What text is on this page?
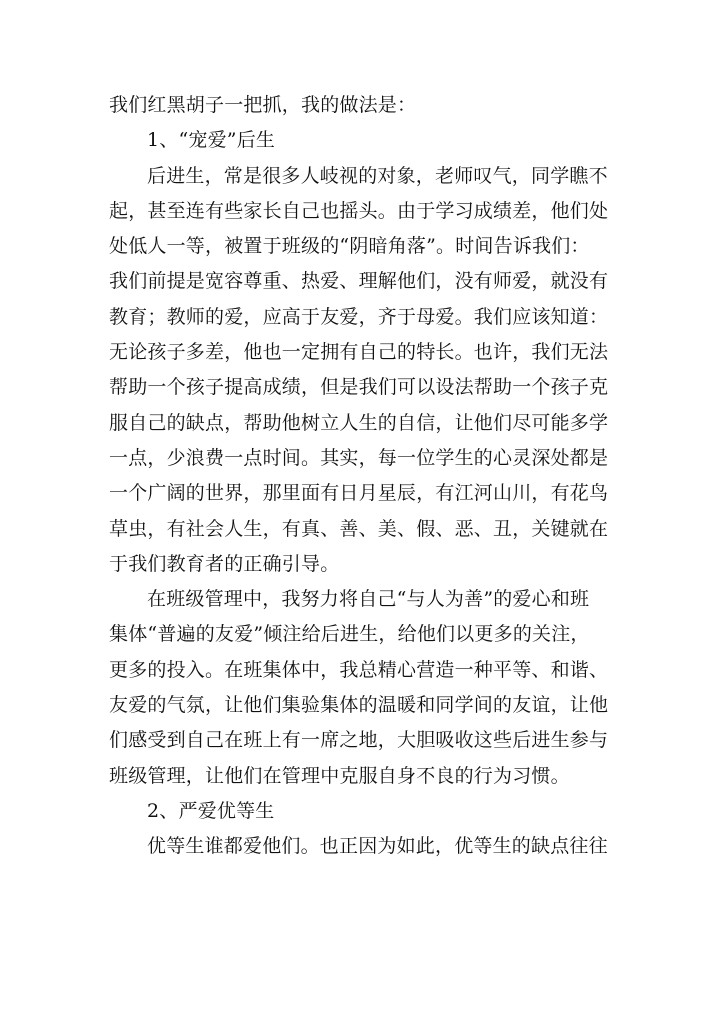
我们红黑胡子一把抓，我的做法是：
1、“宠爱”后生
后进生，常是很多人岐视的对象，老师叹气，同学瞧不
起，甚至连有些家长自己也摇头。由于学习成绩差，他们处
处低人一等，被置于班级的“阴暗角落”。时间告诉我们：
我们前提是宽容尊重、热爱、理解他们，没有师爱，就没有
教育；教师的爱，应高于友爱，齐于母爱。我们应该知道：
无论孩子多差，他也一定拥有自己的特长。也许，我们无法
帮助一个孩子提高成绩，但是我们可以设法帮助一个孩子克
服自己的缺点，帮助他树立人生的自信，让他们尽可能多学
一点，少浪费一点时间。其实，每一位学生的心灵深处都是
一个广阔的世界，那里面有日月星辰，有江河山川，有花鸟
草虫，有社会人生，有真、善、美、假、恶、丑，关键就在
于我们教育者的正确引导。
在班级管理中，我努力将自己“与人为善”的爱心和班
集体“普遍的友爱”倾注给后进生，给他们以更多的关注，
更多的投入。在班集体中，我总精心营造一种平等、和谐、
友爱的气氛，让他们集验集体的温暖和同学间的友谊，让他
们感受到自己在班上有一席之地，大胆吸收这些后进生参与
班级管理，让他们在管理中克服自身不良的行为习惯。
2、严爱优等生
优等生谁都爱他们。也正因为如此，优等生的缺点往往
